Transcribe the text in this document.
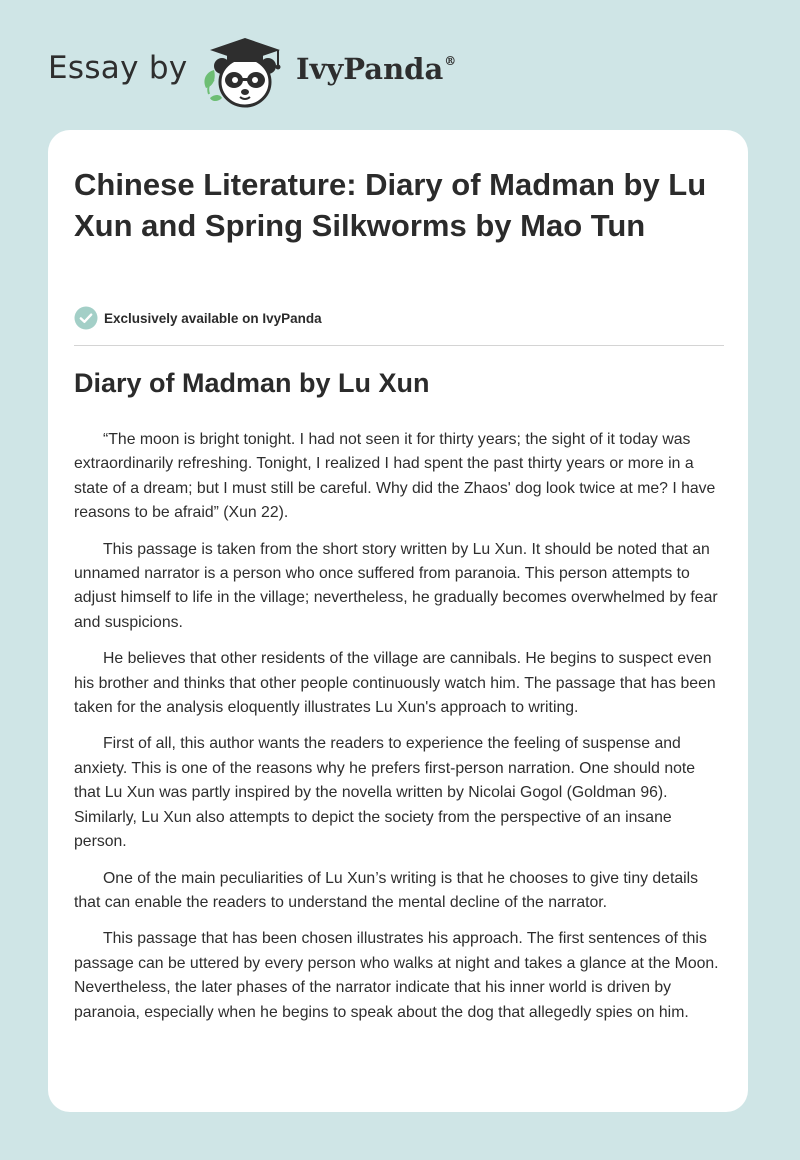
Essay by	IvyPanda®
Chinese Literature: Diary of Madman by Lu Xun and Spring Silkworms by Mao Tun
Exclusively available on IvyPanda
Diary of Madman by Lu Xun

“The moon is bright tonight. I had not seen it for thirty years; the sight of it today was extraordinarily refreshing. Tonight, I realized I had spent the past thirty years or more in a state of a dream; but I must still be careful. Why did the Zhaos' dog look twice at me? I have reasons to be afraid” (Xun 22).

This passage is taken from the short story written by Lu Xun. It should be noted that an unnamed narrator is a person who once suffered from paranoia. This person attempts to adjust himself to life in the village; nevertheless, he gradually becomes overwhelmed by fear and suspicions.

He believes that other residents of the village are cannibals. He begins to suspect even his brother and thinks that other people continuously watch him. The passage that has been taken for the analysis eloquently illustrates Lu Xun's approach to writing.

First of all, this author wants the readers to experience the feeling of suspense and anxiety. This is one of the reasons why he prefers first-person narration. One should note that Lu Xun was partly inspired by the novella written by Nicolai Gogol (Goldman 96). Similarly, Lu Xun also attempts to depict the society from the perspective of an insane person.

One of the main peculiarities of Lu Xun’s writing is that he chooses to give tiny details that can enable the readers to understand the mental decline of the narrator.

This passage that has been chosen illustrates his approach. The first sentences of this passage can be uttered by every person who walks at night and takes a glance at the Moon. Nevertheless, the later phases of the narrator indicate that his inner world is driven by paranoia, especially when he begins to speak about the dog that allegedly spies on him.
